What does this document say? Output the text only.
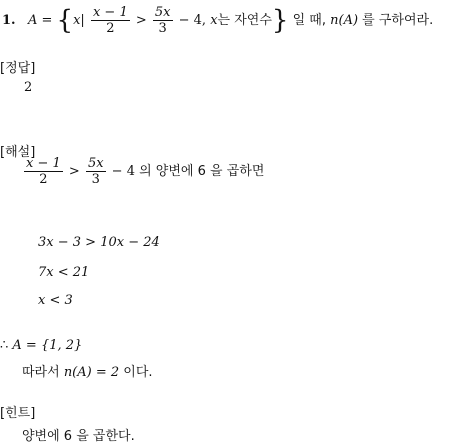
1. $A = \{x| \frac{x - 1}{2} > \frac{5x}{3} - 4$, x는 자연수} 일 때, n(A) 를 구하여라.
[정답]
2
[해설]
$\frac{x - 1}{2} > \frac{5x}{3} - 4$ 의 양변에 6 을 곱하면
3x − 3 > 10x − 24
7x < 21
x < 3
∴ A = {1, 2}
따라서 n(A) = 2 이다.
[힌트]
양변에 6 을 곱한다.
